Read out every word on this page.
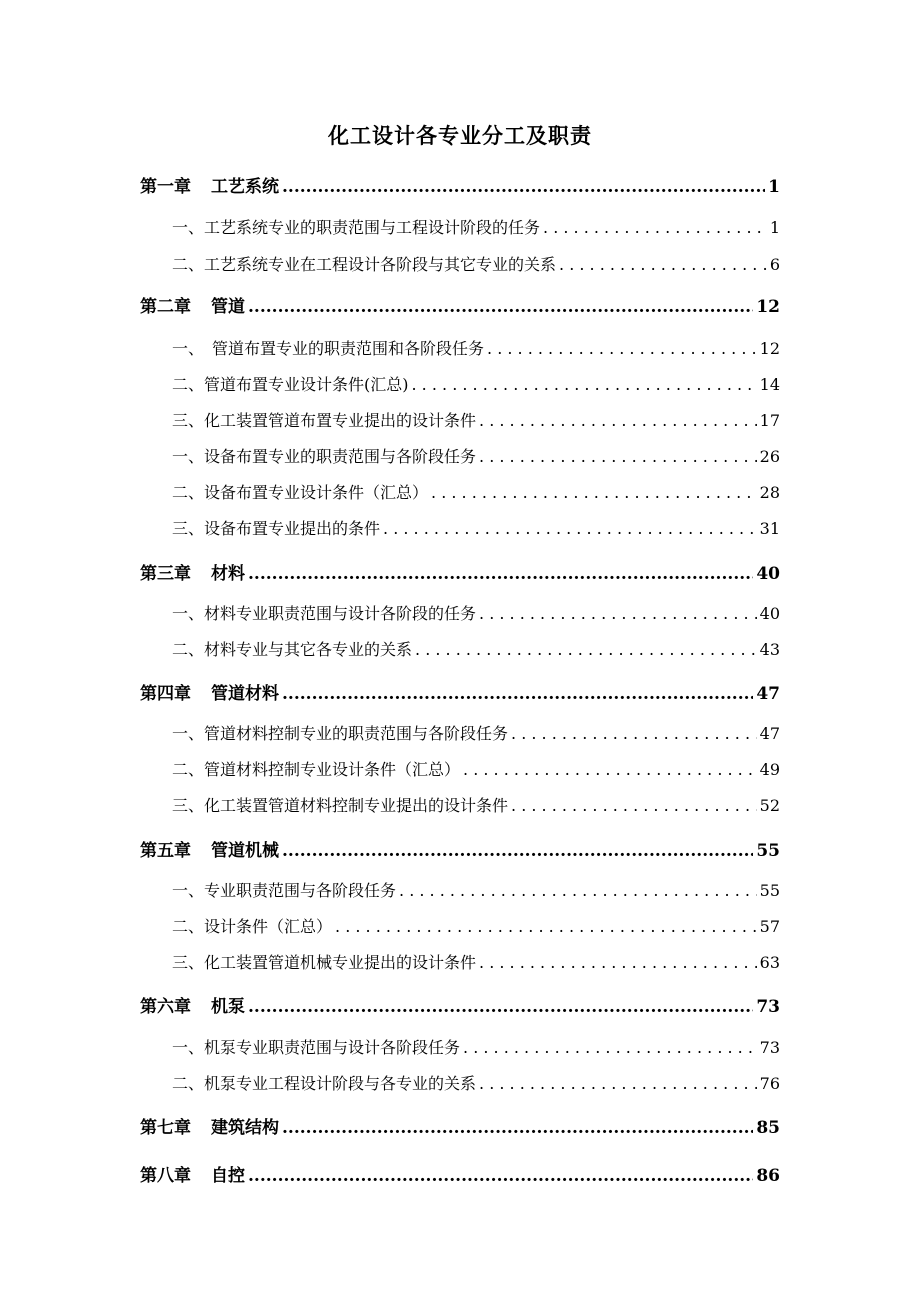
化工设计各专业分工及职责
第一章 工艺系统 .....	1
一、工艺系统专业的职责范围与工程设计阶段的任务 . . .	1
二、工艺系统专业在工程设计各阶段与其它专业的关系 . . .	6
第二章 管道 .....	12
一、　管道布置专业的职责范围和各阶段任务 . . .	12
二、管道布置专业设计条件(汇总) . . .	14
三、化工装置管道布置专业提出的设计条件 . . .	17
一、设备布置专业的职责范围与各阶段任务 . . .	26
二、设备布置专业设计条件（汇总） . . .	28
三、设备布置专业提出的条件 . . .	31
第三章 材料 .....	40
一、材料专业职责范围与设计各阶段的任务 . . .	40
二、材料专业与其它各专业的关系 . . .	43
第四章 管道材料 .....	47
一、管道材料控制专业的职责范围与各阶段任务 . . .	47
二、管道材料控制专业设计条件（汇总） . . .	49
三、化工装置管道材料控制专业提出的设计条件 . . .	52
第五章 管道机械 .....	55
一、专业职责范围与各阶段任务 . . .	55
二、设计条件（汇总） . . .	57
三、化工装置管道机械专业提出的设计条件 . . .	63
第六章 机泵 .....	73
一、机泵专业职责范围与设计各阶段任务 . . .	73
二、机泵专业工程设计阶段与各专业的关系 . . .	76
第七章 建筑结构 .....	85
第八章 自控 .....	86
